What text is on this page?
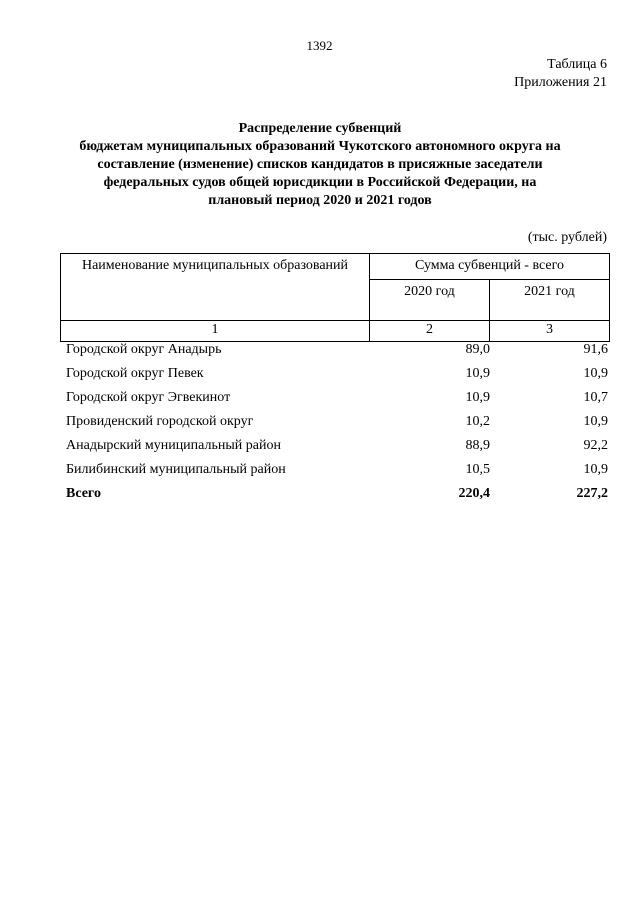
1392
Таблица 6
Приложения 21
Распределение субвенций
бюджетам муниципальных образований Чукотского автономного округа на
составление (изменение) списков кандидатов в присяжные заседатели
федеральных судов общей юрисдикции в Российской Федерации, на
плановый период 2020 и 2021 годов
(тыс. рублей)
Наименование муниципальных образований	Сумма субвенций - всего	
	2020 год	2021 год
1	2	3
Городской округ Анадырь	89,0	91,6
Городской округ Певек	10,9	10,9
Городской округ Эгвекинот	10,9	10,7
Провиденский городской округ	10,2	10,9
Анадырский муниципальный район	88,9	92,2
Билибинский муниципальный район	10,5	10,9
Всего	220,4	227,2
